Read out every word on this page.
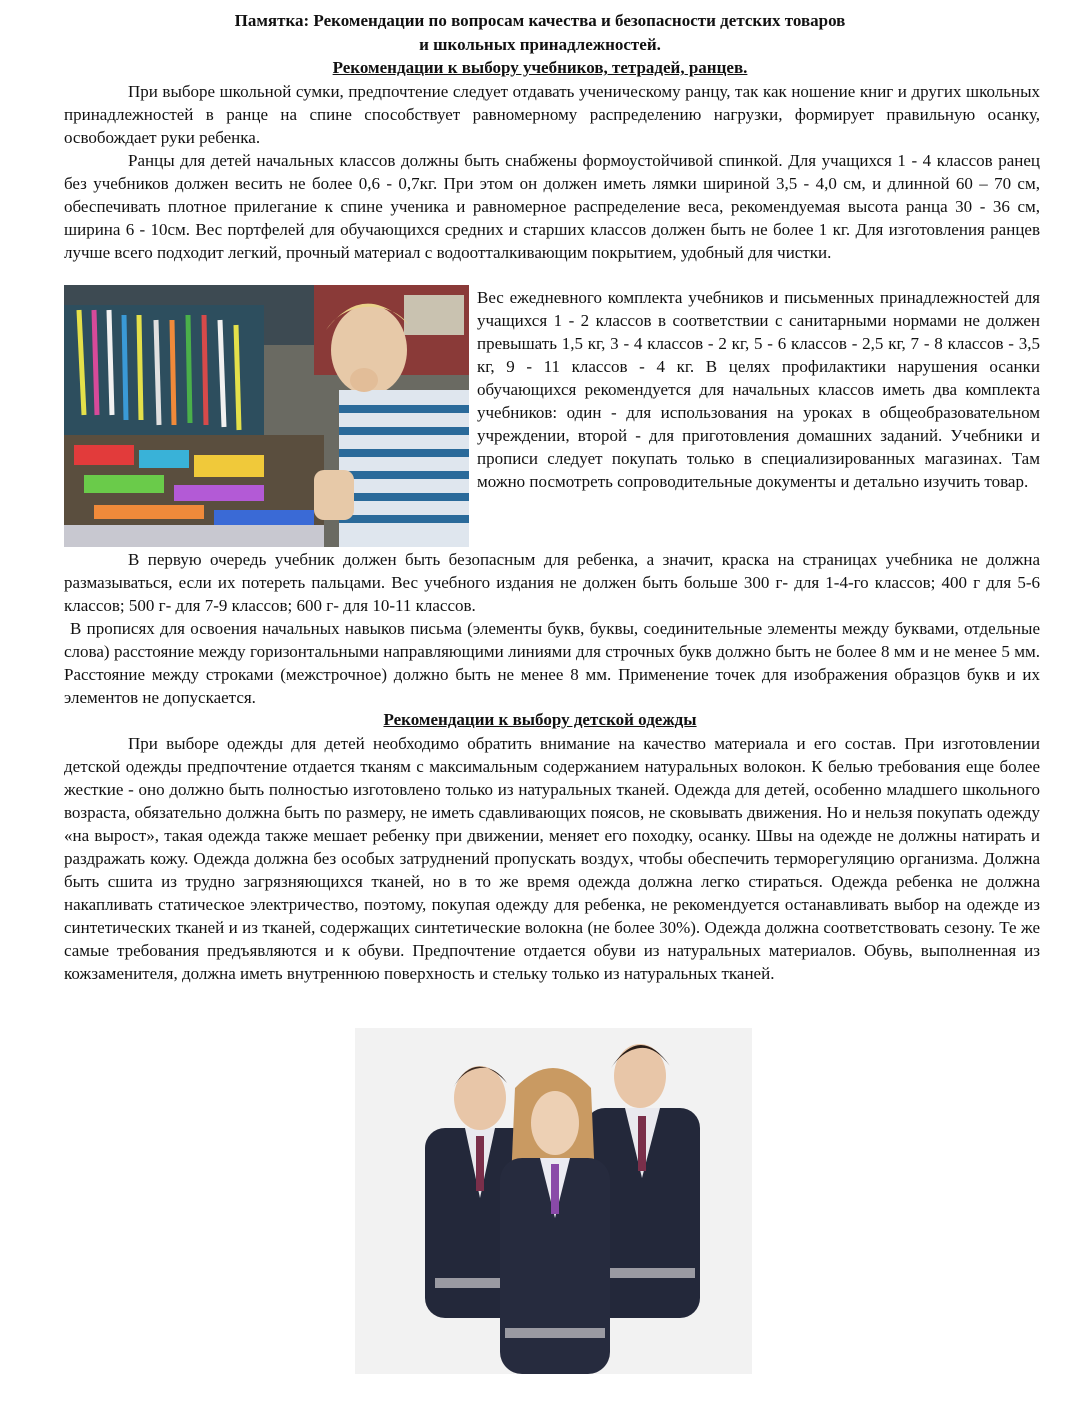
Памятка: Рекомендации по вопросам качества и безопасности детских товаров

и школьных принадлежностей.

Рекомендации к выбору учебников, тетрадей, ранцев.

При выборе школьной сумки, предпочтение следует отдавать ученическому ранцу, так как ношение книг и других школьных принадлежностей в ранце на спине способствует равномерному распределению нагрузки, формирует правильную осанку, освобождает руки ребенка.

Ранцы для детей начальных классов должны быть снабжены формоустойчивой спинкой. Для учащихся 1 - 4 классов ранец без учебников должен весить не более 0,6 - 0,7кг. При этом он должен иметь лямки шириной 3,5 - 4,0 см, и длинной 60 – 70 см, обеспечивать плотное прилегание к спине ученика и равномерное распределение веса, рекомендуемая высота ранца 30 - 36 см, ширина 6 - 10см. Вес портфелей для обучающихся средних и старших классов должен быть не более 1 кг. Для изготовления ранцев лучше всего подходит легкий, прочный материал с водоотталкивающим покрытием, удобный для чистки.

Вес ежедневного комплекта учебников и письменных принадлежностей для учащихся 1 - 2 классов в соответствии с санитарными нормами не должен превышать 1,5 кг, 3 - 4 классов - 2 кг, 5 - 6 классов - 2,5 кг, 7 - 8 классов - 3,5 кг, 9 - 11 классов - 4 кг. В целях профилактики нарушения осанки обучающихся рекомендуется для начальных классов иметь два комплекта учебников: один - для использования на уроках в общеобразовательном учреждении, второй - для приготовления домашних заданий. Учебники и прописи следует покупать только в специализированных магазинах. Там можно посмотреть сопроводительные документы и детально изучить товар.

В первую очередь учебник должен быть безопасным для ребенка, а значит, краска на страницах учебника не должна размазываться, если их потереть пальцами. Вес учебного издания не должен быть больше 300 г- для 1-4-го классов; 400 г для 5-6 классов; 500 г- для 7-9 классов; 600 г- для 10-11 классов.

В прописях для освоения начальных навыков письма (элементы букв, буквы, соединительные элементы между буквами, отдельные слова) расстояние между горизонтальными направляющими линиями для строчных букв должно быть не более 8 мм и не менее 5 мм. Расстояние между строками (межстрочное) должно быть не менее 8 мм. Применение точек для изображения образцов букв и их элементов не допускается.

Рекомендации к выбору детской одежды

При выборе одежды для детей необходимо обратить внимание на качество материала и его состав. При изготовлении детской одежды предпочтение отдается тканям с максимальным содержанием натуральных волокон. К белью требования еще более жесткие - оно должно быть полностью изготовлено только из натуральных тканей. Одежда для детей, особенно младшего школьного возраста, обязательно должна быть по размеру, не иметь сдавливающих поясов, не сковывать движения. Но и нельзя покупать одежду «на вырост», такая одежда также мешает ребенку при движении, меняет его походку, осанку. Швы на одежде не должны натирать и раздражать кожу. Одежда должна без особых затруднений пропускать воздух, чтобы обеспечить терморегуляцию организма. Должна быть сшита из трудно загрязняющихся тканей, но в то же время одежда должна легко стираться. Одежда ребенка не должна накапливать статическое электричество, поэтому, покупая одежду для ребенка, не рекомендуется останавливать выбор на одежде из синтетических тканей и из тканей, содержащих синтетические волокна (не более 30%). Одежда должна соответствовать сезону. Те же самые требования предъявляются и к обуви. Предпочтение отдается обуви из натуральных материалов. Обувь, выполненная из кожзаменителя, должна иметь внутреннюю поверхность и стельку только из натуральных тканей.
